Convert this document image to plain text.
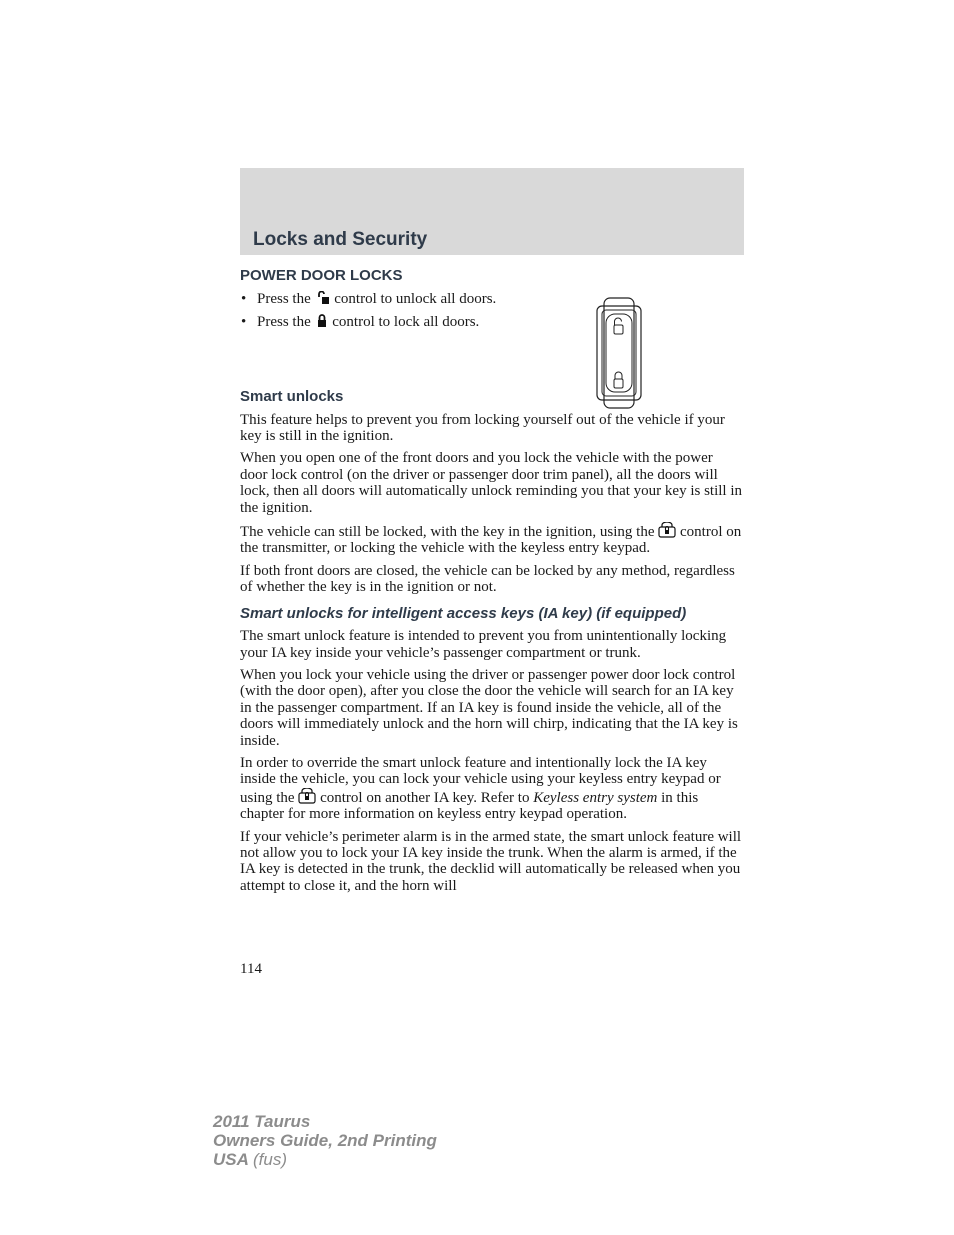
Locks and Security
POWER DOOR LOCKS
• Press the control to unlock all doors.
• Press the control to lock all doors.
Smart unlocks

This feature helps to prevent you from locking yourself out of the vehicle if your key is still in the ignition.

When you open one of the front doors and you lock the vehicle with the power door lock control (on the driver or passenger door trim panel), all the doors will lock, then all doors will automatically unlock reminding you that your key is still in the ignition.

The vehicle can still be locked, with the key in the ignition, using the control on the transmitter, or locking the vehicle with the keyless entry keypad.

If both front doors are closed, the vehicle can be locked by any method, regardless of whether the key is in the ignition or not.

Smart unlocks for intelligent access keys (IA key) (if equipped)

The smart unlock feature is intended to prevent you from unintentionally locking your IA key inside your vehicle’s passenger compartment or trunk.

When you lock your vehicle using the driver or passenger power door lock control (with the door open), after you close the door the vehicle will search for an IA key in the passenger compartment. If an IA key is found inside the vehicle, all of the doors will immediately unlock and the horn will chirp, indicating that the IA key is inside.

In order to override the smart unlock feature and intentionally lock the IA key inside the vehicle, you can lock your vehicle using your keyless entry keypad or using the control on another IA key. Refer to Keyless entry system in this chapter for more information on keyless entry keypad operation.

If your vehicle’s perimeter alarm is in the armed state, the smart unlock feature will not allow you to lock your IA key inside the trunk. When the alarm is armed, if the IA key is detected in the trunk, the decklid will automatically be released when you attempt to close it, and the horn will

114
2011 Taurus
Owners Guide, 2nd Printing
USA (fus)
